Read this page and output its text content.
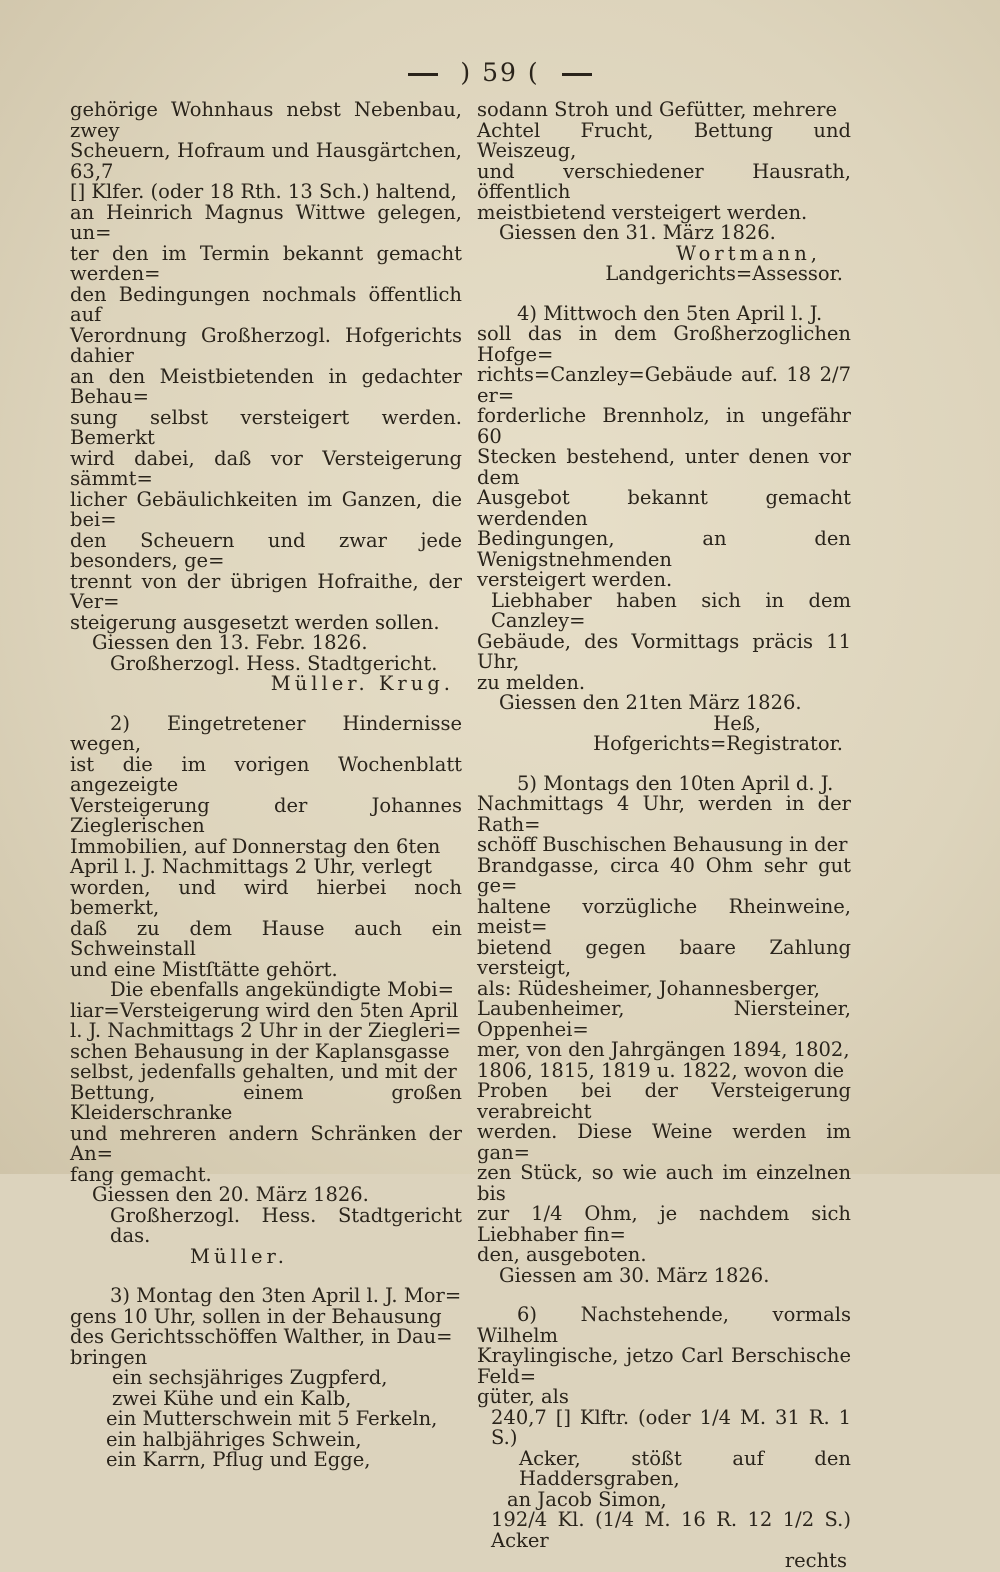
) 59 (

gehörige Wohnhaus nebst Nebenbau, zwey

Scheuern, Hofraum und Hausgärtchen, 63,7

[] Klfer. (oder 18 Rth. 13 Sch.) haltend,

an Heinrich Magnus Wittwe gelegen, un=

ter den im Termin bekannt gemacht werden=

den Bedingungen nochmals öffentlich auf

Verordnung Großherzogl. Hofgerichts dahier

an den Meistbietenden in gedachter Behau=

sung selbst versteigert werden. Bemerkt

wird dabei, daß vor Versteigerung sämmt=

licher Gebäulichkeiten im Ganzen, die bei=

den Scheuern und zwar jede besonders, ge=

trennt von der übrigen Hofraithe, der Ver=

steigerung ausgesetzt werden sollen.

Giessen den 13. Febr. 1826.

Großherzogl. Hess. Stadtgericht.

Müller. Krug.

2) Eingetretener Hindernisse wegen,

ist die im vorigen Wochenblatt angezeigte

Versteigerung der Johannes Zieglerischen

Immobilien, auf Donnerstag den 6ten

April l. J. Nachmittags 2 Uhr, verlegt

worden, und wird hierbei noch bemerkt,

daß zu dem Hause auch ein Schweinstall

und eine Mistſtätte gehört.

Die ebenfalls angekündigte Mobi=

liar=Versteigerung wird den 5ten April

l. J. Nachmittags 2 Uhr in der Ziegleri=

schen Behausung in der Kaplansgasse

selbst, jedenfalls gehalten, und mit der

Bettung, einem großen Kleiderschranke

und mehreren andern Schränken der An=

fang gemacht.

Giessen den 20. März 1826.

Großherzogl. Hess. Stadtgericht das.

Müller.

3) Montag den 3ten April l. J. Mor=

gens 10 Uhr, sollen in der Behausung

des Gerichtsschöffen Walther, in Dau=

bringen

ein sechsjähriges Zugpferd,

zwei Kühe und ein Kalb,

ein Mutterschwein mit 5 Ferkeln,

ein halbjähriges Schwein,

ein Karrn, Pflug und Egge,

sodann Stroh und Gefütter, mehrere

Achtel Frucht, Bettung und Weiszeug,

und verschiedener Hausrath, öffentlich

meistbietend versteigert werden.

Giessen den 31. März 1826.

Wortmann,

Landgerichts=Assessor.

4) Mittwoch den 5ten April l. J.

soll das in dem Großherzoglichen Hofge=

richts=Canzley=Gebäude auf. 18 2/7 er=

forderliche Brennholz, in ungefähr 60

Stecken bestehend, unter denen vor dem

Ausgebot bekannt gemacht werdenden

Bedingungen, an den Wenigstnehmenden

versteigert werden.

Liebhaber haben sich in dem Canzley=

Gebäude, des Vormittags präcis 11 Uhr,

zu melden.

Giessen den 21ten März 1826.

Heß,

Hofgerichts=Registrator.

5) Montags den 10ten April d. J.

Nachmittags 4 Uhr, werden in der Rath=

schöff Buschischen Behausung in der

Brandgasse, circa 40 Ohm sehr gut ge=

haltene vorzügliche Rheinweine, meist=

bietend gegen baare Zahlung versteigt,

als: Rüdesheimer, Johannesberger,

Laubenheimer, Niersteiner, Oppenhei=

mer, von den Jahrgängen 1894, 1802,

1806, 1815, 1819 u. 1822, wovon die

Proben bei der Versteigerung verabreicht

werden. Diese Weine werden im gan=

zen Stück, so wie auch im einzelnen bis

zur 1/4 Ohm, je nachdem sich Liebhaber fin=

den, ausgeboten.

Giessen am 30. März 1826.

6) Nachstehende, vormals Wilhelm

Kraylingische, jetzo Carl Berschische Feld=

güter, als

240,7 [] Klftr. (oder 1/4 M. 31 R. 1 S.)

Acker, stößt auf den Haddersgraben,

an Jacob Simon,

192/4 Kl. (1/4 M. 16 R. 12 1/2 S.) Acker

rechts
